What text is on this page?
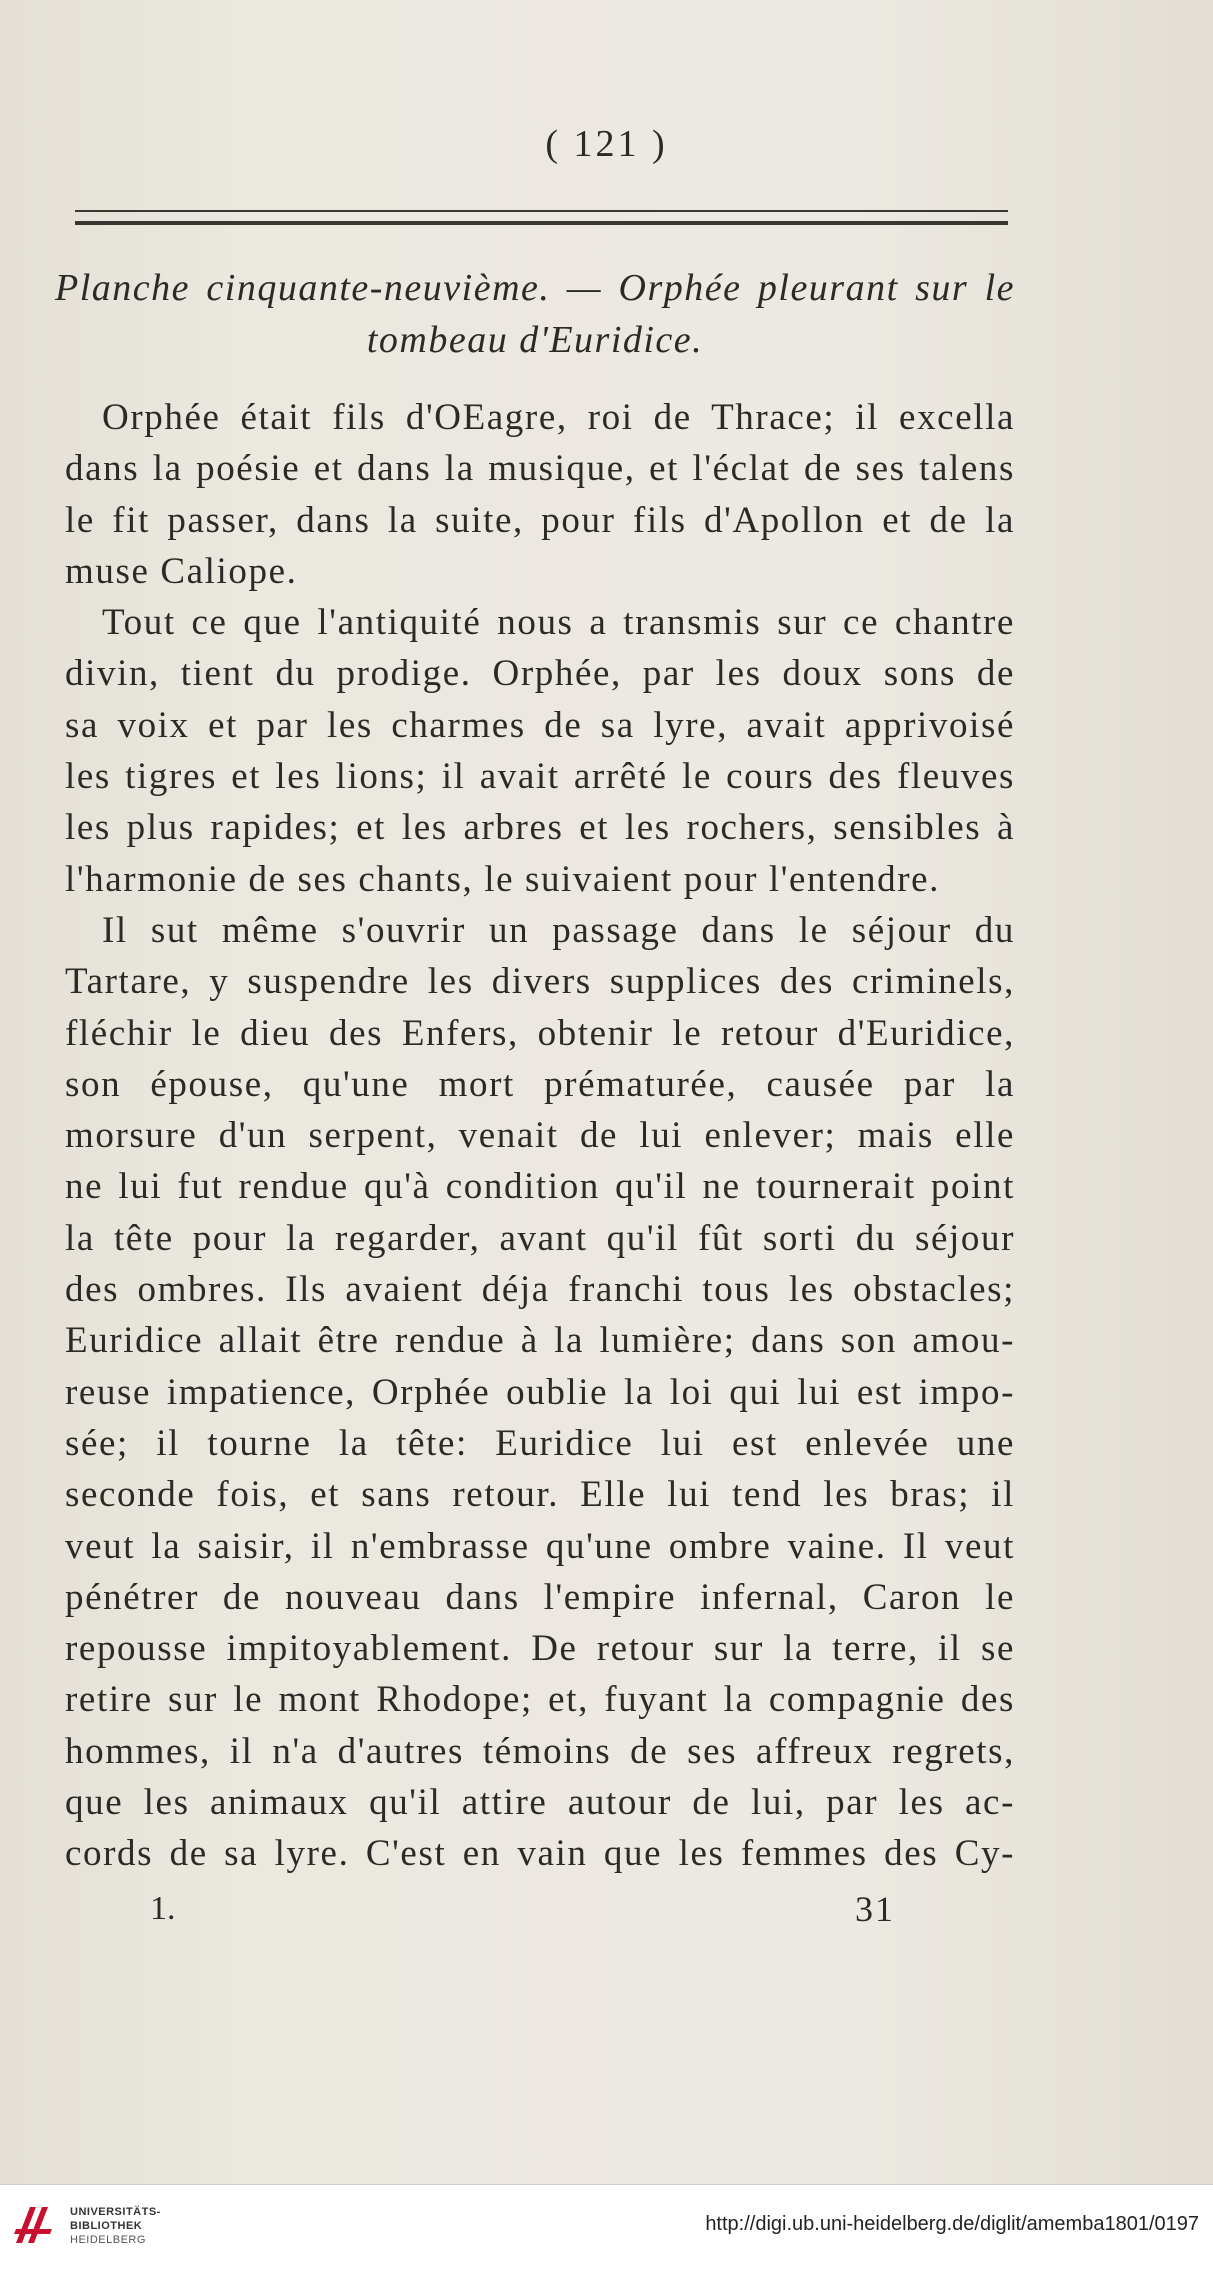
( 121 )
Planche cinquante-neuvième. — Orphée pleurant sur le
tombeau d'Euridice.
Orphée était fils d'OEagre, roi de Thrace; il excella
dans la poésie et dans la musique, et l'éclat de ses talens
le fit passer, dans la suite, pour fils d'Apollon et de la
muse Caliope.
Tout ce que l'antiquité nous a transmis sur ce chantre
divin, tient du prodige. Orphée, par les doux sons de
sa voix et par les charmes de sa lyre, avait apprivoisé
les tigres et les lions; il avait arrêté le cours des fleuves
les plus rapides; et les arbres et les rochers, sensibles à
l'harmonie de ses chants, le suivaient pour l'entendre.
Il sut même s'ouvrir un passage dans le séjour du
Tartare, y suspendre les divers supplices des criminels,
fléchir le dieu des Enfers, obtenir le retour d'Euridice,
son épouse, qu'une mort prématurée, causée par la
morsure d'un serpent, venait de lui enlever; mais elle
ne lui fut rendue qu'à condition qu'il ne tournerait point
la tête pour la regarder, avant qu'il fût sorti du séjour
des ombres. Ils avaient déja franchi tous les obstacles;
Euridice allait être rendue à la lumière; dans son amou-
reuse impatience, Orphée oublie la loi qui lui est impo-
sée; il tourne la tête: Euridice lui est enlevée une
seconde fois, et sans retour. Elle lui tend les bras; il
veut la saisir, il n'embrasse qu'une ombre vaine. Il veut
pénétrer de nouveau dans l'empire infernal, Caron le
repousse impitoyablement. De retour sur la terre, il se
retire sur le mont Rhodope; et, fuyant la compagnie des
hommes, il n'a d'autres témoins de ses affreux regrets,
que les animaux qu'il attire autour de lui, par les ac-
cords de sa lyre. C'est en vain que les femmes des Cy-
1.	31
UNIVERSITÄTS-
BIBLIOTHEK
HEIDELBERG
http://digi.ub.uni-heidelberg.de/diglit/amemba1801/0197
